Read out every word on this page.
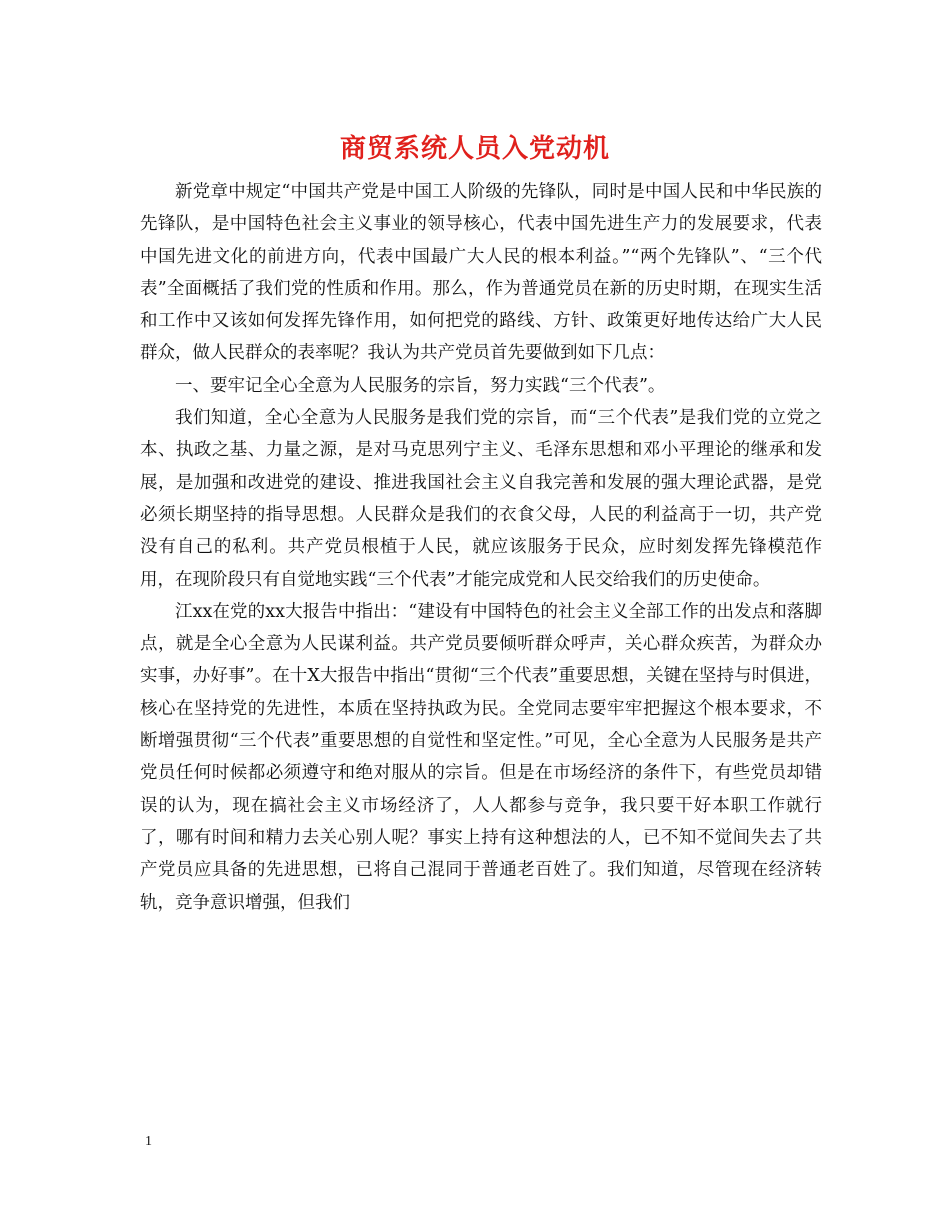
商贸系统人员入党动机

新党章中规定“中国共产党是中国工人阶级的先锋队，同时是中国人民和中华民族的先锋队，是中国特色社会主义事业的领导核心，代表中国先进生产力的发展要求，代表中国先进文化的前进方向，代表中国最广大人民的根本利益。”“两个先锋队”、“三个代表”全面概括了我们党的性质和作用。那么，作为普通党员在新的历史时期，在现实生活和工作中又该如何发挥先锋作用，如何把党的路线、方针、政策更好地传达给广大人民群众，做人民群众的表率呢？我认为共产党员首先要做到如下几点：

一、要牢记全心全意为人民服务的宗旨，努力实践“三个代表”。

我们知道，全心全意为人民服务是我们党的宗旨，而“三个代表”是我们党的立党之本、执政之基、力量之源，是对马克思列宁主义、毛泽东思想和邓小平理论的继承和发展，是加强和改进党的建设、推进我国社会主义自我完善和发展的强大理论武器，是党必须长期坚持的指导思想。人民群众是我们的衣食父母，人民的利益高于一切，共产党没有自己的私利。共产党员根植于人民，就应该服务于民众，应时刻发挥先锋模范作用，在现阶段只有自觉地实践“三个代表”才能完成党和人民交给我们的历史使命。

江xx在党的xx大报告中指出：“建设有中国特色的社会主义全部工作的出发点和落脚点，就是全心全意为人民谋利益。共产党员要倾听群众呼声，关心群众疾苦，为群众办实事，办好事”。在十X大报告中指出“贯彻“三个代表”重要思想，关键在坚持与时俱进，核心在坚持党的先进性，本质在坚持执政为民。全党同志要牢牢把握这个根本要求，不断增强贯彻“三个代表”重要思想的自觉性和坚定性。”可见，全心全意为人民服务是共产党员任何时候都必须遵守和绝对服从的宗旨。但是在市场经济的条件下，有些党员却错误的认为，现在搞社会主义市场经济了，人人都参与竞争，我只要干好本职工作就行了，哪有时间和精力去关心别人呢？事实上持有这种想法的人，已不知不觉间失去了共产党员应具备的先进思想，已将自己混同于普通老百姓了。我们知道，尽管现在经济转轨，竞争意识增强，但我们

1
